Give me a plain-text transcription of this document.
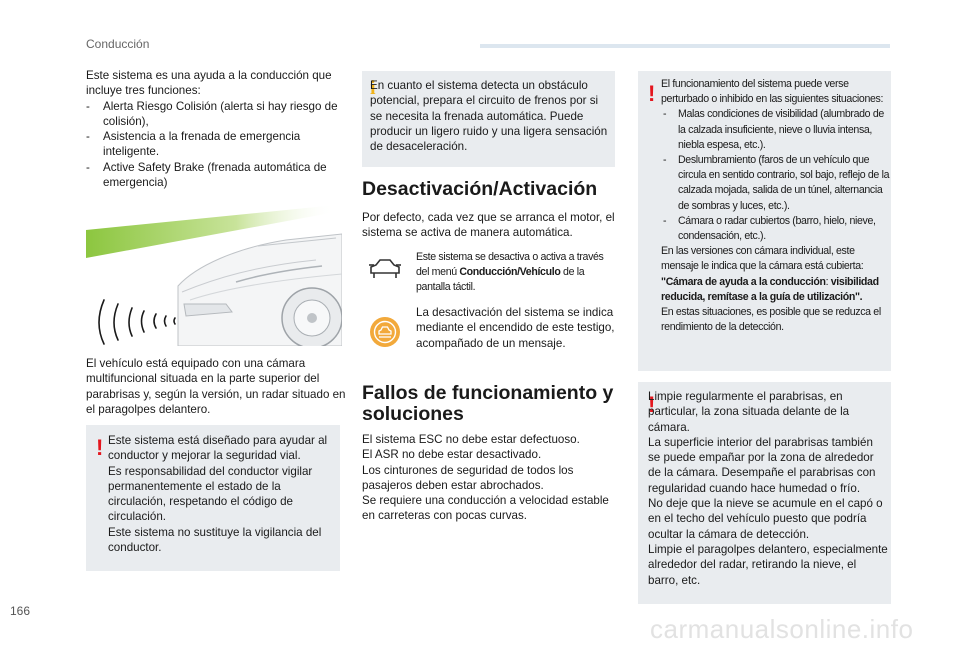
Conducción

Este sistema es una ayuda a la conducción que incluye tres funciones:

- Alerta Riesgo Colisión (alerta si hay riesgo de colisión),
- Asistencia a la frenada de emergencia inteligente.
- Active Safety Brake (frenada automática de emergencia)
El vehículo está equipado con una cámara multifuncional situada en la parte superior del parabrisas y, según la versión, un radar situado en el paragolpes delantero.

! Este sistema está diseñado para ayudar al conductor y mejorar la seguridad vial.

Es responsabilidad del conductor vigilar permanentemente el estado de la circulación, respetando el código de circulación.

Este sistema no sustituye la vigilancia del conductor.

i En cuanto el sistema detecta un obstáculo potencial, prepara el circuito de frenos por si se necesita la frenada automática. Puede producir un ligero ruido y una ligera sensación de desaceleración.
Desactivación/Activación
Por defecto, cada vez que se arranca el motor, el sistema se activa de manera automática.
Este sistema se desactiva o activa a través del menú Conducción/Vehículo de la pantalla táctil.
La desactivación del sistema se indica mediante el encendido de este testigo, acompañado de un mensaje.
Fallos de funcionamiento y
soluciones

El sistema ESC no debe estar defectuoso.

El ASR no debe estar desactivado.

Los cinturones de seguridad de todos los pasajeros deben estar abrochados.

Se requiere una conducción a velocidad estable en carreteras con pocas curvas.

! El funcionamiento del sistema puede verse perturbado o inhibido en las siguientes situaciones:
- Malas condiciones de visibilidad (alumbrado de la calzada insuficiente, nieve o lluvia intensa, niebla espesa, etc.).
- Deslumbramiento (faros de un vehículo que circula en sentido contrario, sol bajo, reflejo de la calzada mojada, salida de un túnel, alternancia de sombras y luces, etc.).
- Cámara o radar cubiertos (barro, hielo, nieve, condensación, etc.).
En las versiones con cámara individual, este mensaje le indica que la cámara está cubierta:
"Cámara de ayuda a la conducción: visibilidad reducida, remítase a la guía de utilización".
En estas situaciones, es posible que se reduzca el rendimiento de la detección.

! Limpie regularmente el parabrisas, en particular, la zona situada delante de la cámara.

La superficie interior del parabrisas también se puede empañar por la zona de alrededor de la cámara. Desempañe el parabrisas con regularidad cuando hace humedad o frío.

No deje que la nieve se acumule en el capó o en el techo del vehículo puesto que podría ocultar la cámara de detección.

Limpie el paragolpes delantero, especialmente alrededor del radar, retirando la nieve, el barro, etc.

166
carmanualsonline.info
